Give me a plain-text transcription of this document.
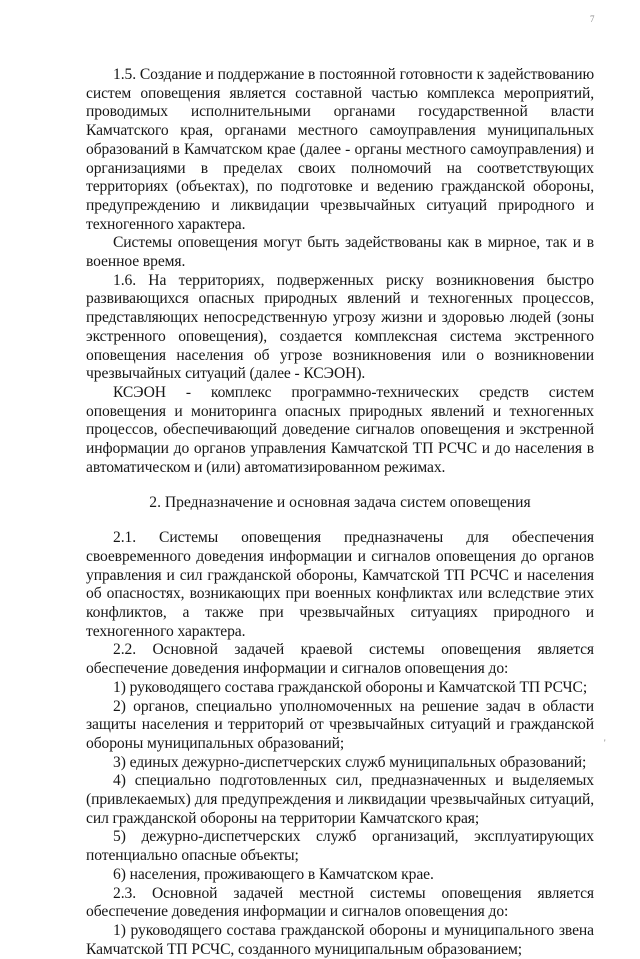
7
'

1.5. Создание и поддержание в постоянной готовности к задействованию систем оповещения является составной частью комплекса мероприятий, проводимых исполнительными органами государственной власти Камчатского края, органами местного самоуправления муниципальных образований в Камчатском крае (далее - органы местного самоуправления) и организациями в пределах своих полномочий на соответствующих территориях (объектах), по подготовке и ведению гражданской обороны, предупреждению и ликвидации чрезвычайных ситуаций природного и техногенного характера.

Системы оповещения могут быть задействованы как в мирное, так и в военное время.

1.6. На территориях, подверженных риску возникновения быстро развивающихся опасных природных явлений и техногенных процессов, представляющих непосредственную угрозу жизни и здоровью людей (зоны экстренного оповещения), создается комплексная система экстренного оповещения населения об угрозе возникновения или о возникновении чрезвычайных ситуаций (далее - КСЭОН).

КСЭОН - комплекс программно-технических средств систем оповещения и мониторинга опасных природных явлений и техногенных процессов, обеспечивающий доведение сигналов оповещения и экстренной информации до органов управления Камчатской ТП РСЧС и до населения в автоматическом и (или) автоматизированном режимах.

2. Предназначение и основная задача систем оповещения

2.1. Системы оповещения предназначены для обеспечения своевременного доведения информации и сигналов оповещения до органов управления и сил гражданской обороны, Камчатской ТП РСЧС и населения об опасностях, возникающих при военных конфликтах или вследствие этих конфликтов, а также при чрезвычайных ситуациях природного и техногенного характера.

2.2. Основной задачей краевой системы оповещения является обеспечение доведения информации и сигналов оповещения до:

1) руководящего состава гражданской обороны и Камчатской ТП РСЧС;

2) органов, специально уполномоченных на решение задач в области защиты населения и территорий от чрезвычайных ситуаций и гражданской обороны муниципальных образований;

3) единых дежурно-диспетчерских служб муниципальных образований;

4) специально подготовленных сил, предназначенных и выделяемых (привлекаемых) для предупреждения и ликвидации чрезвычайных ситуаций, сил гражданской обороны на территории Камчатского края;

5) дежурно-диспетчерских служб организаций, эксплуатирующих потенциально опасные объекты;

6) населения, проживающего в Камчатском крае.

2.3. Основной задачей местной системы оповещения является обеспечение доведения информации и сигналов оповещения до:

1) руководящего состава гражданской обороны и муниципального звена Камчатской ТП РСЧС, созданного муниципальным образованием;
